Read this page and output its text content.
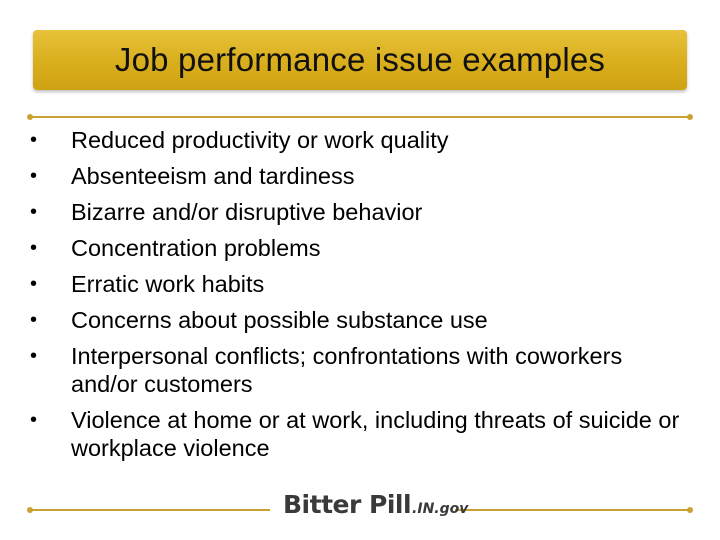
Job performance issue examples
• Reduced productivity or work quality
• Absenteeism and tardiness
• Bizarre and/or disruptive behavior
• Concentration problems
• Erratic work habits
• Concerns about possible substance use
• Interpersonal conflicts; confrontations with coworkers and/or customers
• Violence at home or at work, including threats of suicide or workplace violence
Bitter Pill .IN.gov
